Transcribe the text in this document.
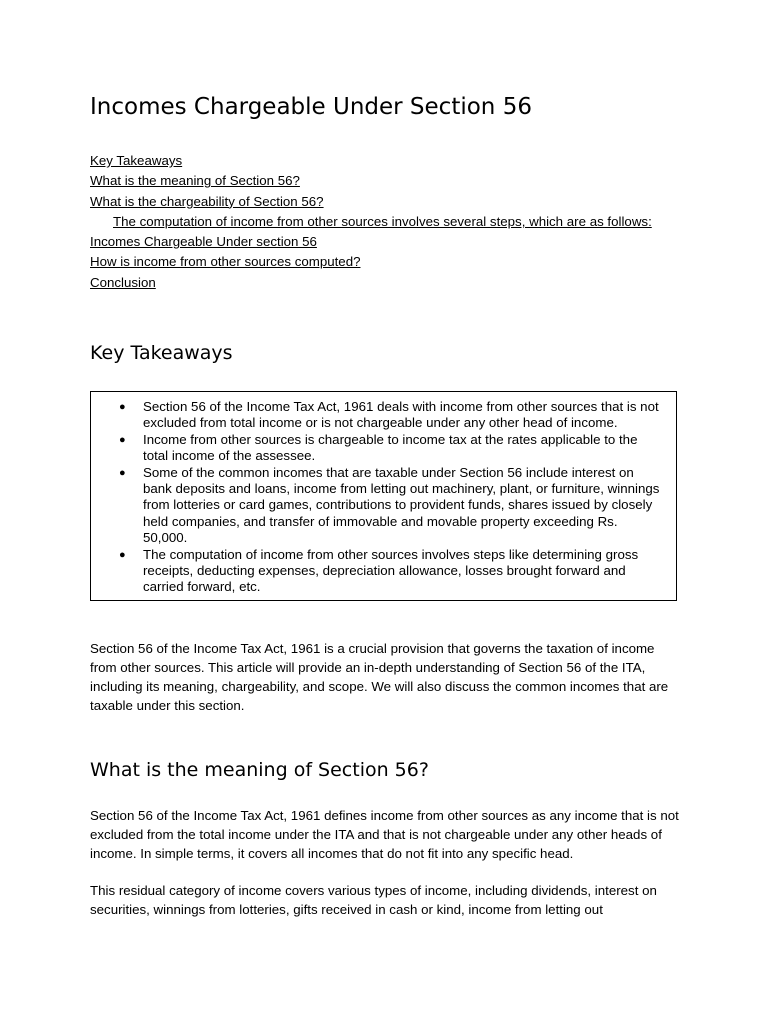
Incomes Chargeable Under Section 56
Key Takeaways
What is the meaning of Section 56?
What is the chargeability of Section 56?
The computation of income from other sources involves several steps, which are as follows:
Incomes Chargeable Under section 56
How is income from other sources computed?
Conclusion
Key Takeaways
● Section 56 of the Income Tax Act, 1961 deals with income from other sources that is not excluded from total income or is not chargeable under any other head of income.
● Income from other sources is chargeable to income tax at the rates applicable to the total income of the assessee.
● Some of the common incomes that are taxable under Section 56 include interest on bank deposits and loans, income from letting out machinery, plant, or furniture, winnings from lotteries or card games, contributions to provident funds, shares issued by closely held companies, and transfer of immovable and movable property exceeding Rs. 50,000.
● The computation of income from other sources involves steps like determining gross receipts, deducting expenses, depreciation allowance, losses brought forward and carried forward, etc.

Section 56 of the Income Tax Act, 1961 is a crucial provision that governs the taxation of income from other sources. This article will provide an in-depth understanding of Section 56 of the ITA, including its meaning, chargeability, and scope. We will also discuss the common incomes that are taxable under this section.

What is the meaning of Section 56?

Section 56 of the Income Tax Act, 1961 defines income from other sources as any income that is not excluded from the total income under the ITA and that is not chargeable under any other heads of income. In simple terms, it covers all incomes that do not fit into any specific head.

This residual category of income covers various types of income, including dividends, interest on securities, winnings from lotteries, gifts received in cash or kind, income from letting out
